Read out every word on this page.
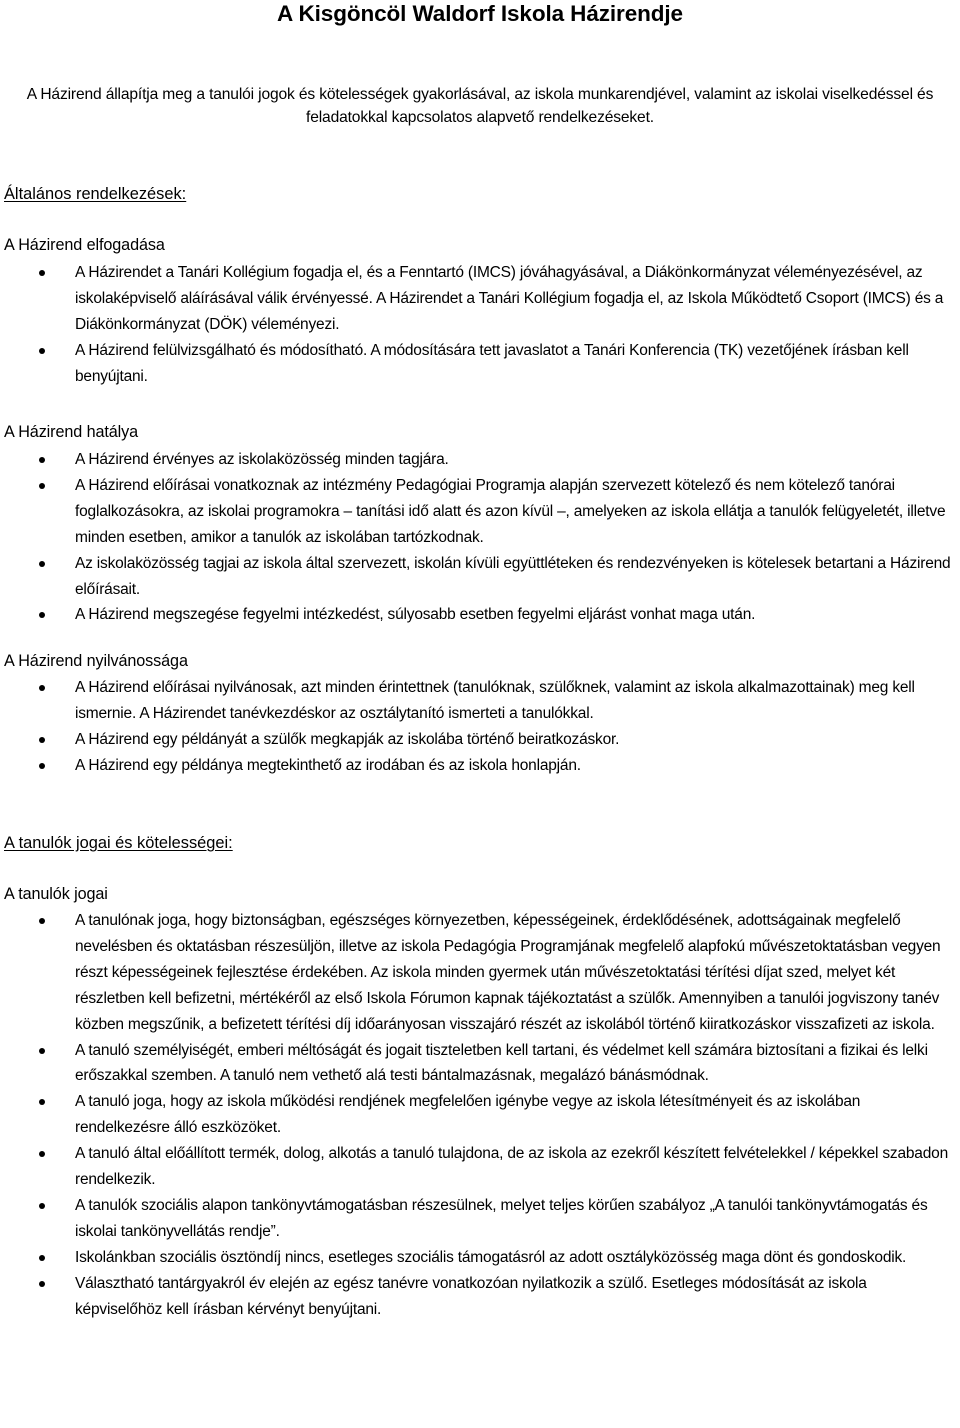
A Kisgöncöl Waldorf Iskola Házirendje
A Házirend állapítja meg a tanulói jogok és kötelességek gyakorlásával, az iskola munkarendjével, valamint az iskolai viselkedéssel és feladatokkal kapcsolatos alapvető rendelkezéseket.
Általános rendelkezések:
A Házirend elfogadása
A Házirendet a Tanári Kollégium fogadja el, és a Fenntartó (IMCS) jóváhagyásával, a Diákönkormányzat véleményezésével, az iskolaképviselő aláírásával válik érvényessé. A Házirendet a Tanári Kollégium fogadja el, az Iskola Működtető Csoport (IMCS) és a Diákönkormányzat (DÖK) véleményezi.
A Házirend felülvizsgálható és módosítható. A módosítására tett javaslatot a Tanári Konferencia (TK) vezetőjének írásban kell benyújtani.
A Házirend hatálya
A Házirend érvényes az iskolaközösség minden tagjára.
A Házirend előírásai vonatkoznak az intézmény Pedagógiai Programja alapján szervezett kötelező és nem kötelező tanórai foglalkozásokra, az iskolai programokra – tanítási idő alatt és azon kívül –, amelyeken az iskola ellátja a tanulók felügyeletét, illetve minden esetben, amikor a tanulók az iskolában tartózkodnak.
Az iskolaközösség tagjai az iskola által szervezett, iskolán kívüli együttléteken és rendezvényeken is kötelesek betartani a Házirend előírásait.
A Házirend megszegése fegyelmi intézkedést, súlyosabb esetben fegyelmi eljárást vonhat maga után.
A Házirend nyilvánossága
A Házirend előírásai nyilvánosak, azt minden érintettnek (tanulóknak, szülőknek, valamint az iskola alkalmazottainak) meg kell ismernie. A Házirendet tanévkezdéskor az osztálytanító ismerteti a tanulókkal.
A Házirend egy példányát a szülők megkapják az iskolába történő beiratkozáskor.
A Házirend egy példánya megtekinthető az irodában és az iskola honlapján.
A tanulók jogai és kötelességei:
A tanulók jogai
A tanulónak joga, hogy biztonságban, egészséges környezetben, képességeinek, érdeklődésének, adottságainak megfelelő nevelésben és oktatásban részesüljön, illetve az iskola Pedagógia Programjának megfelelő alapfokú művészetoktatásban vegyen részt képességeinek fejlesztése érdekében. Az iskola minden gyermek után művészetoktatási térítési díjat szed, melyet két részletben kell befizetni, mértékéről az első Iskola Fórumon kapnak tájékoztatást a szülők. Amennyiben a tanulói jogviszony tanév közben megszűnik, a befizetett térítési díj időarányosan visszajáró részét az iskolából történő kiiratkozáskor visszafizeti az iskola.
A tanuló személyiségét, emberi méltóságát és jogait tiszteletben kell tartani, és védelmet kell számára biztosítani a fizikai és lelki erőszakkal szemben. A tanuló nem vethető alá testi bántalmazásnak, megalázó bánásmódnak.
A tanuló joga, hogy az iskola működési rendjének megfelelően igénybe vegye az iskola létesítményeit és az iskolában rendelkezésre álló eszközöket.
A tanuló által előállított termék, dolog, alkotás a tanuló tulajdona, de az iskola az ezekről készített felvételekkel / képekkel szabadon rendelkezik.
A tanulók szociális alapon tankönyvtámogatásban részesülnek, melyet teljes körűen szabályoz „A tanulói tankönyvtámogatás és iskolai tankönyvellátás rendje”.
Iskolánkban szociális ösztöndíj nincs, esetleges szociális támogatásról az adott osztályközösség maga dönt és gondoskodik.
Választható tantárgyakról év elején az egész tanévre vonatkozóan nyilatkozik a szülő. Esetleges módosítását az iskola képviselőhöz kell írásban kérvényt benyújtani.
